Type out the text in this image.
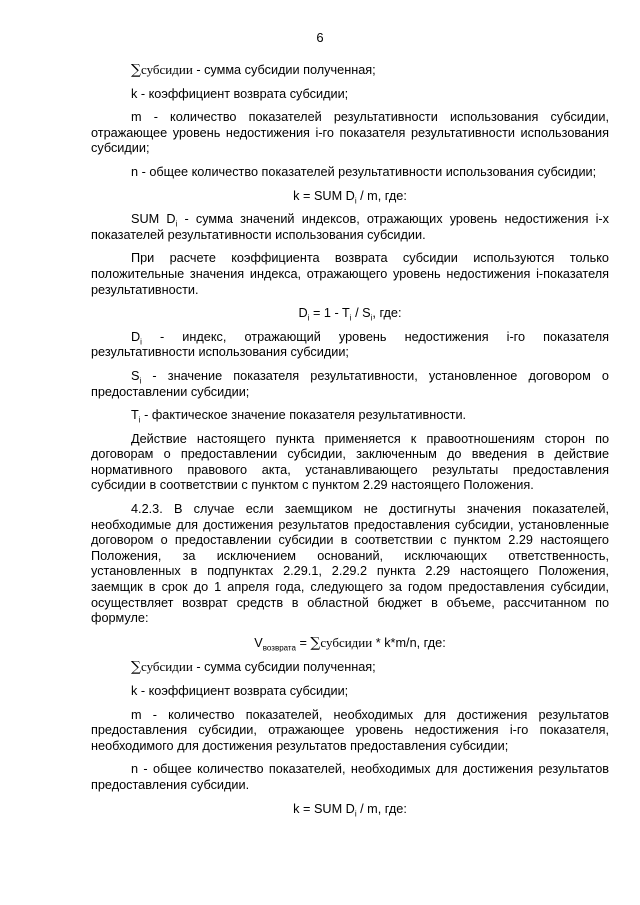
6

∑субсидии - сумма субсидии полученная;

k - коэффициент возврата субсидии;

m - количество показателей результативности использования субсидии, отражающее уровень недостижения i-го показателя результативности использования субсидии;

n - общее количество показателей результативности использования субсидии;

k = SUM $D_i$ / m, где:

SUM $D_i$ - сумма значений индексов, отражающих уровень недостижения i-х показателей результативности использования субсидии.

При расчете коэффициента возврата субсидии используются только положительные значения индекса, отражающего уровень недостижения i-показателя результативности.

$D_i = 1 - T_i / S_i$, где:

$D_i$ - индекс, отражающий уровень недостижения i-го показателя результативности использования субсидии;

$S_i$ - значение показателя результативности, установленное договором о предоставлении субсидии;

$T_i$ - фактическое значение показателя результативности.

Действие настоящего пункта применяется к правоотношениям сторон по договорам о предоставлении субсидии, заключенным до введения в действие нормативного правового акта, устанавливающего результаты предоставления субсидии в соответствии с пунктом с пунктом 2.29 настоящего Положения.

4.2.3. В случае если заемщиком не достигнуты значения показателей, необходимые для достижения результатов предоставления субсидии, установленные договором о предоставлении субсидии в соответствии с пунктом 2.29 настоящего Положения, за исключением оснований, исключающих ответственность, установленных в подпунктах 2.29.1, 2.29.2 пункта 2.29 настоящего Положения, заемщик в срок до 1 апреля года, следующего за годом предоставления субсидии, осуществляет возврат средств в областной бюджет в объеме, рассчитанном по формуле:

$V_{возврата}$ = ∑субсидии * k*m/n, где:

∑субсидии - сумма субсидии полученная;

k - коэффициент возврата субсидии;

m - количество показателей, необходимых для достижения результатов предоставления субсидии, отражающее уровень недостижения i-го показателя, необходимого для достижения результатов предоставления субсидии;

n - общее количество показателей, необходимых для достижения результатов предоставления субсидии.

k = SUM $D_i$ / m, где:
